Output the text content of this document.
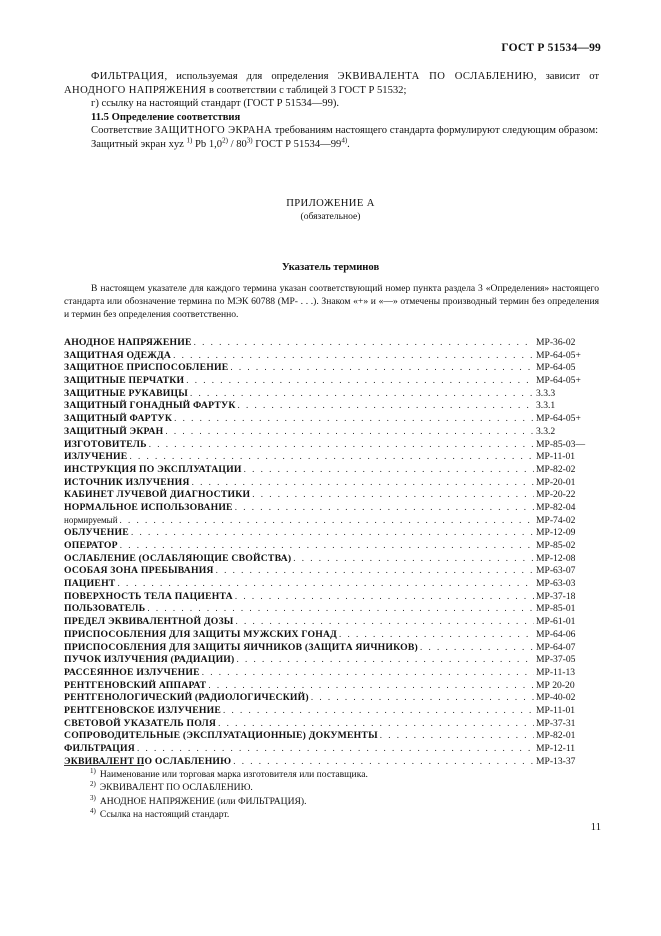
ГОСТ Р 51534—99

ФИЛЬТРАЦИЯ, используемая для определения ЭКВИВАЛЕНТА ПО ОСЛАБЛЕНИЮ, зависит от АНОДНОГО НАПРЯЖЕНИЯ в соответствии с таблицей 3 ГОСТ Р 51532;

г) ссылку на настоящий стандарт (ГОСТ Р 51534—99).

11.5 Определение соответствия

Соответствие ЗАЩИТНОГО ЭКРАНА требованиям настоящего стандарта формулируют следующим образом:

Защитный экран xyz $^{1)}$ Pb 1,0$^{2)}$ / 80$^{3)}$ ГОСТ Р 51534—99$^{4)}$.

ПРИЛОЖЕНИЕ А
(обязательное)
Указатель терминов
В настоящем указателе для каждого термина указан соответствующий номер пункта раздела 3 «Определения» настоящего стандарта или обозначение термина по МЭК 60788 (МР- . . .). Знаком «+» и «—» отмечены производный термин без определения и термин без определения соответственно.
АНОДНОЕ НАПРЯЖЕНИЕ . . .	МР-36-02
ЗАЩИТНАЯ ОДЕЖДА . . .	МР-64-05+
ЗАЩИТНОЕ ПРИСПОСОБЛЕНИЕ . . .	МР-64-05
ЗАЩИТНЫЕ ПЕРЧАТКИ . . .	МР-64-05+
ЗАЩИТНЫЕ РУКАВИЦЫ . . .	3.3.3
ЗАЩИТНЫЙ ГОНАДНЫЙ ФАРТУК . . .	3.3.1
ЗАЩИТНЫЙ ФАРТУК . . .	МР-64-05+
ЗАЩИТНЫЙ ЭКРАН . . .	3.3.2
ИЗГОТОВИТЕЛЬ . . .	МР-85-03—
ИЗЛУЧЕНИЕ . . .	МР-11-01
ИНСТРУКЦИЯ ПО ЭКСПЛУАТАЦИИ . . .	МР-82-02
ИСТОЧНИК ИЗЛУЧЕНИЯ . . .	МР-20-01
КАБИНЕТ ЛУЧЕВОЙ ДИАГНОСТИКИ . . .	МР-20-22
НОРМАЛЬНОЕ ИСПОЛЬЗОВАНИЕ . . .	МР-82-04
нормируемый . . .	МР-74-02
ОБЛУЧЕНИЕ . . .	МР-12-09
ОПЕРАТОР . . .	МР-85-02
ОСЛАБЛЕНИЕ (ОСЛАБЛЯЮЩИЕ СВОЙСТВА) . . .	МР-12-08
ОСОБАЯ ЗОНА ПРЕБЫВАНИЯ . . .	МР-63-07
ПАЦИЕНТ . . .	МР-63-03
ПОВЕРХНОСТЬ ТЕЛА ПАЦИЕНТА . . .	МР-37-18
ПОЛЬЗОВАТЕЛЬ . . .	МР-85-01
ПРЕДЕЛ ЭКВИВАЛЕНТНОЙ ДОЗЫ . . .	МР-61-01
ПРИСПОСОБЛЕНИЯ ДЛЯ ЗАЩИТЫ МУЖСКИХ ГОНАД . . .	МР-64-06
ПРИСПОСОБЛЕНИЯ ДЛЯ ЗАЩИТЫ ЯИЧНИКОВ (ЗАЩИТА ЯИЧНИКОВ) . . .	МР-64-07
ПУЧОК ИЗЛУЧЕНИЯ (РАДИАЦИИ) . . .	МР-37-05
РАССЕЯННОЕ ИЗЛУЧЕНИЕ . . .	МР-11-13
РЕНТГЕНОВСКИЙ АППАРАТ . . .	МР 20-20
РЕНТГЕНОЛОГИЧЕСКИЙ (РАДИОЛОГИЧЕСКИЙ) . . .	МР-40-02
РЕНТГЕНОВСКОЕ ИЗЛУЧЕНИЕ . . .	МР-11-01
СВЕТОВОЙ УКАЗАТЕЛЬ ПОЛЯ . . .	МР-37-31
СОПРОВОДИТЕЛЬНЫЕ (ЭКСПЛУАТАЦИОННЫЕ) ДОКУМЕНТЫ . . .	МР-82-01
ФИЛЬТРАЦИЯ . . .	МР-12-11
ЭКВИВАЛЕНТ ПО ОСЛАБЛЕНИЮ . . .	МР-13-37

$^{1)}$ Наименование или торговая марка изготовителя или поставщика.

$^{2)}$ ЭКВИВАЛЕНТ ПО ОСЛАБЛЕНИЮ.

$^{3)}$ АНОДНОЕ НАПРЯЖЕНИЕ (или ФИЛЬТРАЦИЯ).

$^{4)}$ Ссылка на настоящий стандарт.

11
